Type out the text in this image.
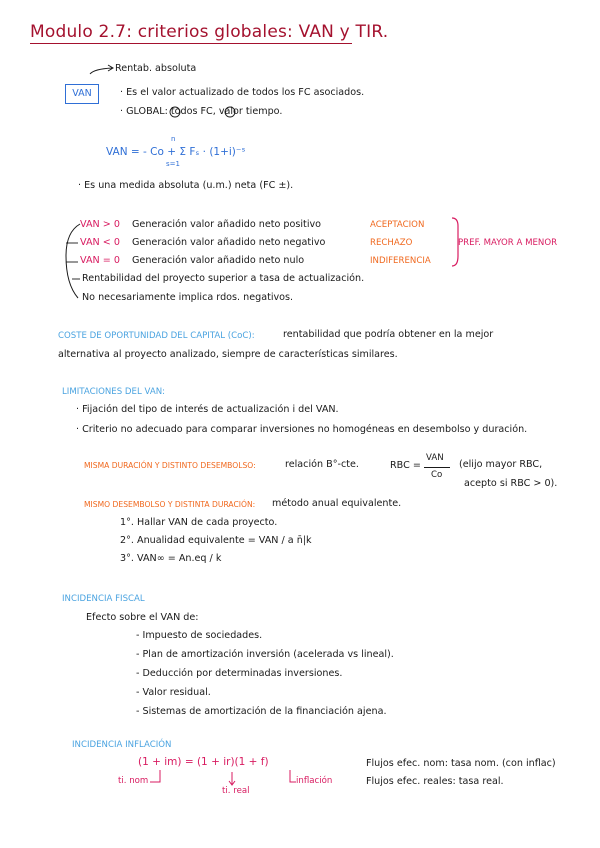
Modulo 2.7: criterios globales: VAN y TIR.
Rentab. absoluta
VAN	· Es el valor actualizado de todos los FC asociados.
· GLOBAL: todos FC, valor tiempo.
VAN = - Co + Σ Fₛ · (1+i)⁻ˢ
n
s=1
· Es una medida absoluta (u.m.) neta (FC ±).
VAN > 0 Generación valor añadido neto positivo	ACEPTACION
VAN < 0 Generación valor añadido neto negativo	RECHAZO
VAN = 0 Generación valor añadido neto nulo	INDIFERENCIA
PREF. MAYOR A MENOR
Rentabilidad del proyecto superior a tasa de actualización.
No necesariamente implica rdos. negativos.
COSTE DE OPORTUNIDAD DEL CAPITAL (CoC):	rentabilidad que podría obtener en la mejor
alternativa al proyecto analizado, siempre de características similares.
LIMITACIONES DEL VAN:
· Fijación del tipo de interés de actualización i del VAN.
· Criterio no adecuado para comparar inversiones no homogéneas en desembolso y duración.
MISMA DURACIÓN Y DISTINTO DESEMBOLSO:	relación B°-cte.	RBC =
VAN
Co
(elijo mayor RBC,
acepto si RBC > 0).
MISMO DESEMBOLSO Y DISTINTA DURACIÓN: método anual equivalente.
1°. Hallar VAN de cada proyecto.
2°. Anualidad equivalente = VAN / a n̄|k
3°. VAN∞ = An.eq / k
INCIDENCIA FISCAL
Efecto sobre el VAN de:
- Impuesto de sociedades.
- Plan de amortización inversión (acelerada vs lineal).
- Deducción por determinadas inversiones.
- Valor residual.
- Sistemas de amortización de la financiación ajena.
INCIDENCIA INFLACIÓN
(1 + im) = (1 + ir)(1 + f)
ti. nom
ti. real
inflación
Flujos efec. nom: tasa nom. (con inflac)
Flujos efec. reales: tasa real.
